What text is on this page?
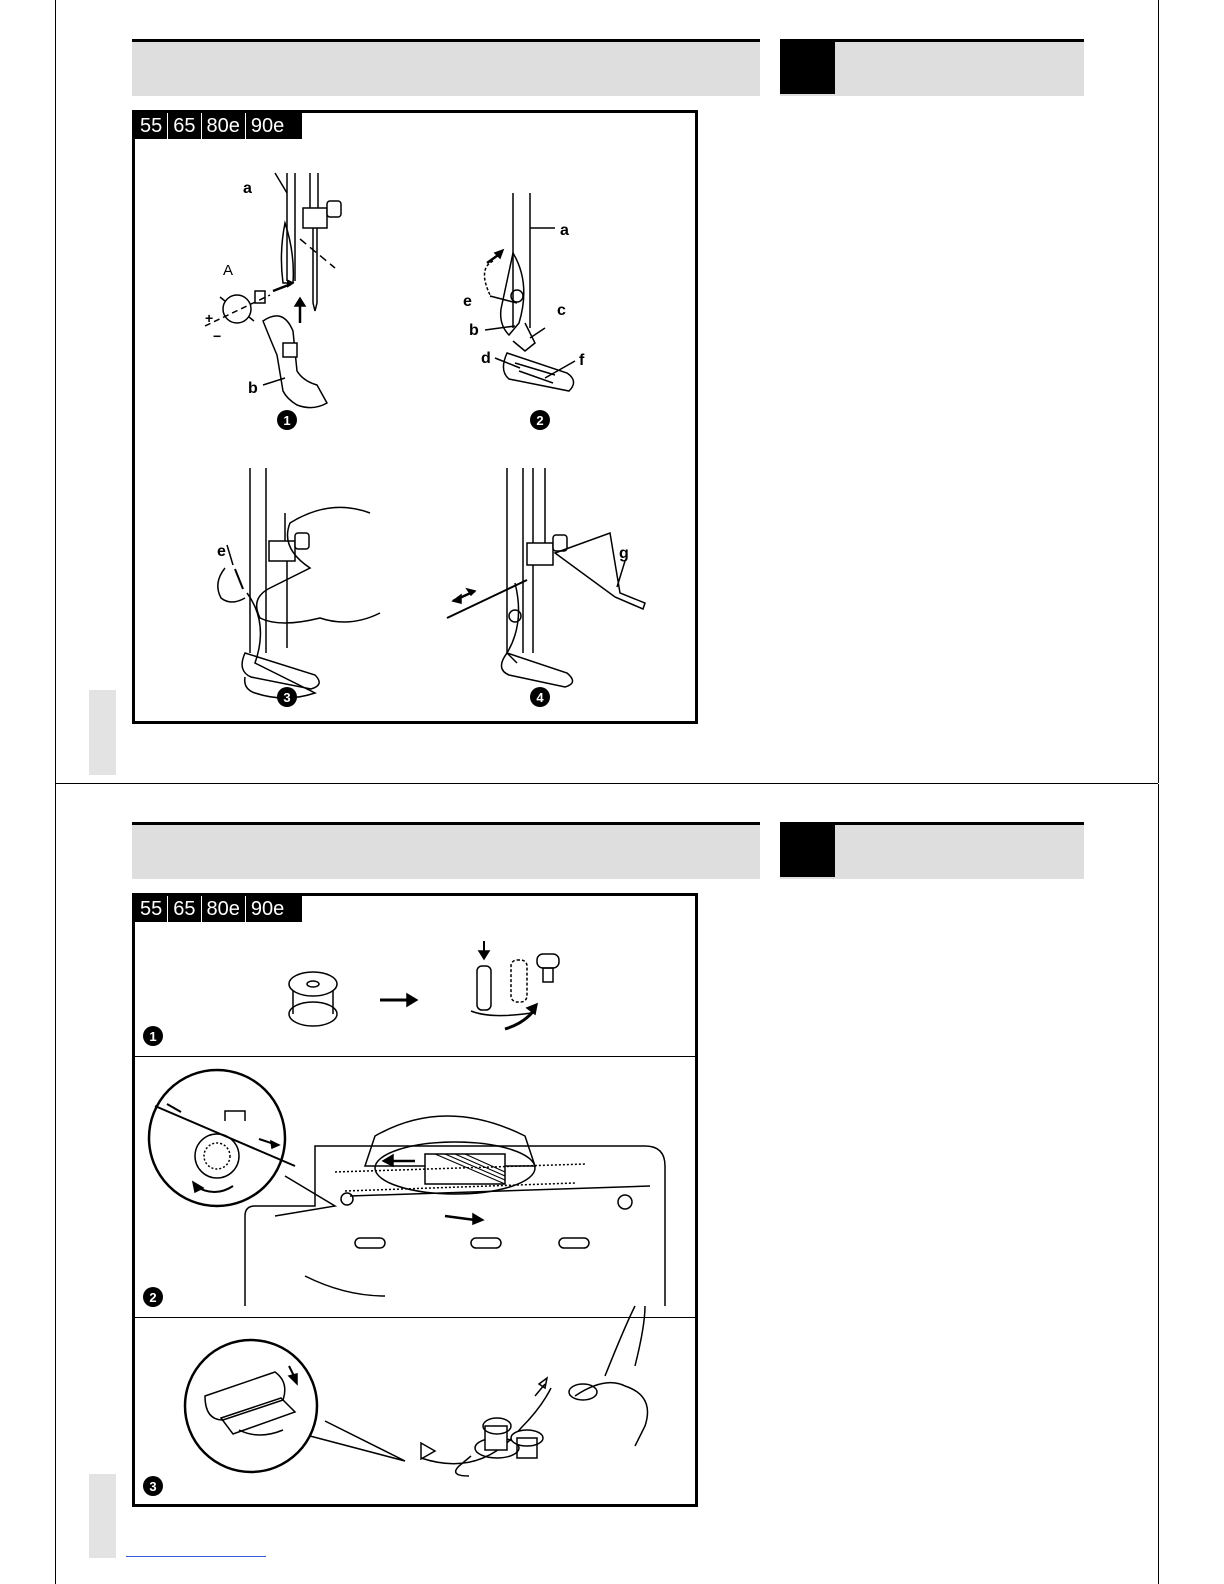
55 65 80e 90e
a
A
+
−
b
a
e
c
b
d	f
e	g
1	2
3	4
55 65 80e 90e
1
2
3
